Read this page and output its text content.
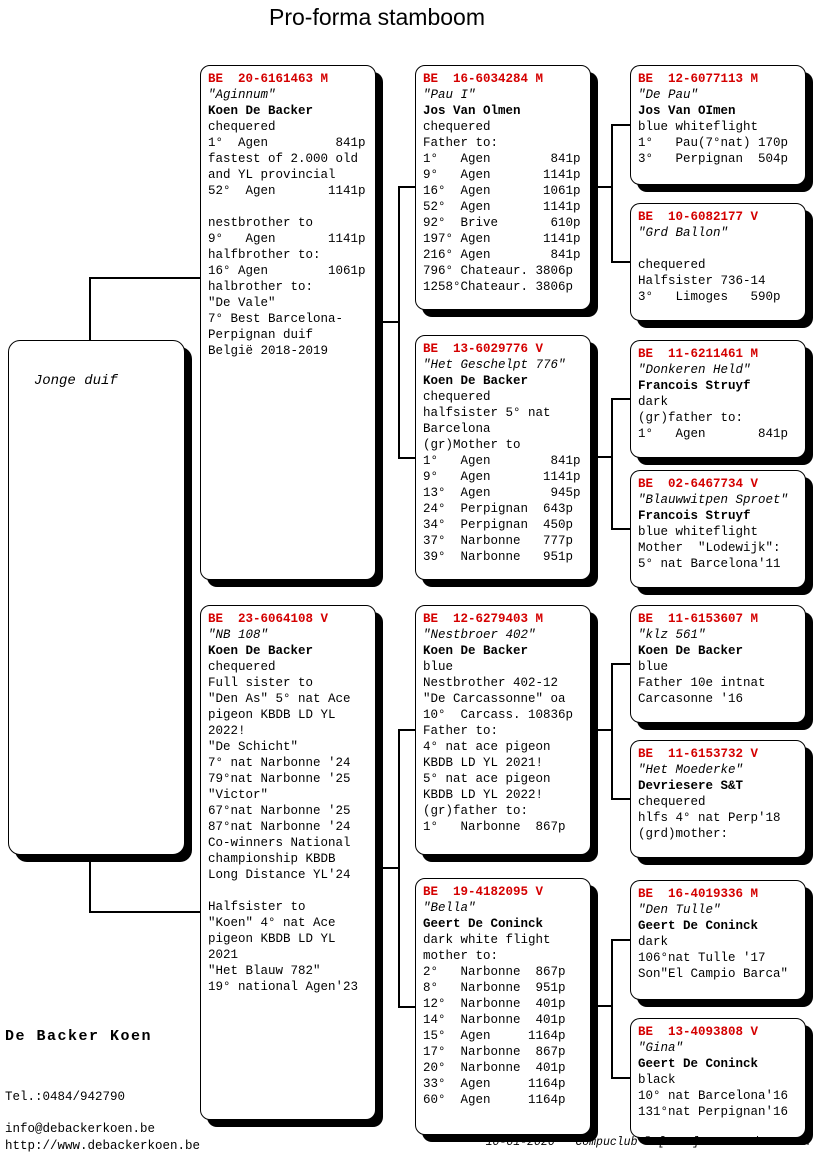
Pro-forma stamboom

Jonge duif

BE  20-6161463 M
"Aginnum"
Koen De Backer
chequered
1°  Agen         841p
fastest of 2.000 old
and YL provincial
52°  Agen       1141p
nestbrother to
9°   Agen       1141p
halfbrother to:
16° Agen        1061p
halbrother to:
"De Vale"
7° Best Barcelona-
Perpignan duif
België 2018-2019
BE  23-6064108 V
"NB 108"
Koen De Backer
chequered
Full sister to
"Den As" 5° nat Ace
pigeon KBDB LD YL
2022!
"De Schicht"
7° nat Narbonne '24
79°nat Narbonne '25
"Victor"
67°nat Narbonne '25
87°nat Narbonne '24
Co-winners National
championship KBDB
Long Distance YL'24
Halfsister to
"Koen" 4° nat Ace
pigeon KBDB LD YL
2021
"Het Blauw 782"
19° national Agen'23
BE  16-6034284 M
"Pau I"
Jos Van Olmen
chequered
Father to:
1°   Agen        841p
9°   Agen       1141p
16°  Agen       1061p
52°  Agen       1141p
92°  Brive       610p
197° Agen       1141p
216° Agen        841p
796° Chateaur. 3806p
1258°Chateaur. 3806p
BE  13-6029776 V
"Het Geschelpt 776"
Koen De Backer
chequered
halfsister 5° nat
Barcelona
(gr)Mother to
1°   Agen        841p
9°   Agen       1141p
13°  Agen        945p
24°  Perpignan  643p
34°  Perpignan  450p
37°  Narbonne   777p
39°  Narbonne   951p
BE  12-6279403 M
"Nestbroer 402"
Koen De Backer
blue
Nestbrother 402-12
"De Carcassonne" oa
10°  Carcass. 10836p
Father to:
4° nat ace pigeon
KBDB LD YL 2021!
5° nat ace pigeon
KBDB LD YL 2022!
(gr)father to:
1°   Narbonne  867p
BE  19-4182095 V
"Bella"
Geert De Coninck
dark white flight
mother to:
2°   Narbonne  867p
8°   Narbonne  951p
12°  Narbonne  401p
14°  Narbonne  401p
15°  Agen     1164p
17°  Narbonne  867p
20°  Narbonne  401p
33°  Agen     1164p
60°  Agen     1164p
BE  12-6077113 M
"De Pau"
Jos Van OImen
blue whiteflight
1°   Pau(7°nat) 170p
3°   Perpignan  504p
BE  10-6082177 V
"Grd Ballon"
chequered
Halfsister 736-14
3°   Limoges   590p
BE  11-6211461 M
"Donkeren Held"
Francois Struyf
dark
(gr)father to:
1°   Agen       841p
BE  02-6467734 V
"Blauwwitpen Sproet"
Francois Struyf
blue whiteflight
Mother  "Lodewijk":
5° nat Barcelona'11
BE  11-6153607 M
"klz 561"
Koen De Backer
blue
Father 10e intnat
Carcasonne '16
BE  11-6153732 V
"Het Moederke"
Devriesere S&T
chequered
hlfs 4° nat Perp'18
(grd)mother:
BE  16-4019336 M
"Den Tulle"
Geert De Coninck
dark
106°nat Tulle '17
Son"El Campio Barca"
BE  13-4093808 V
"Gina"
Geert De Coninck
black
10° nat Barcelona'16
131°nat Perpignan'16
De Backer Koen
Tel.:0484/942790
info@debackerkoen.be
http://www.debackerkoen.be	10-01-2026   Compuclub © [9.48]  De Backer Koen
